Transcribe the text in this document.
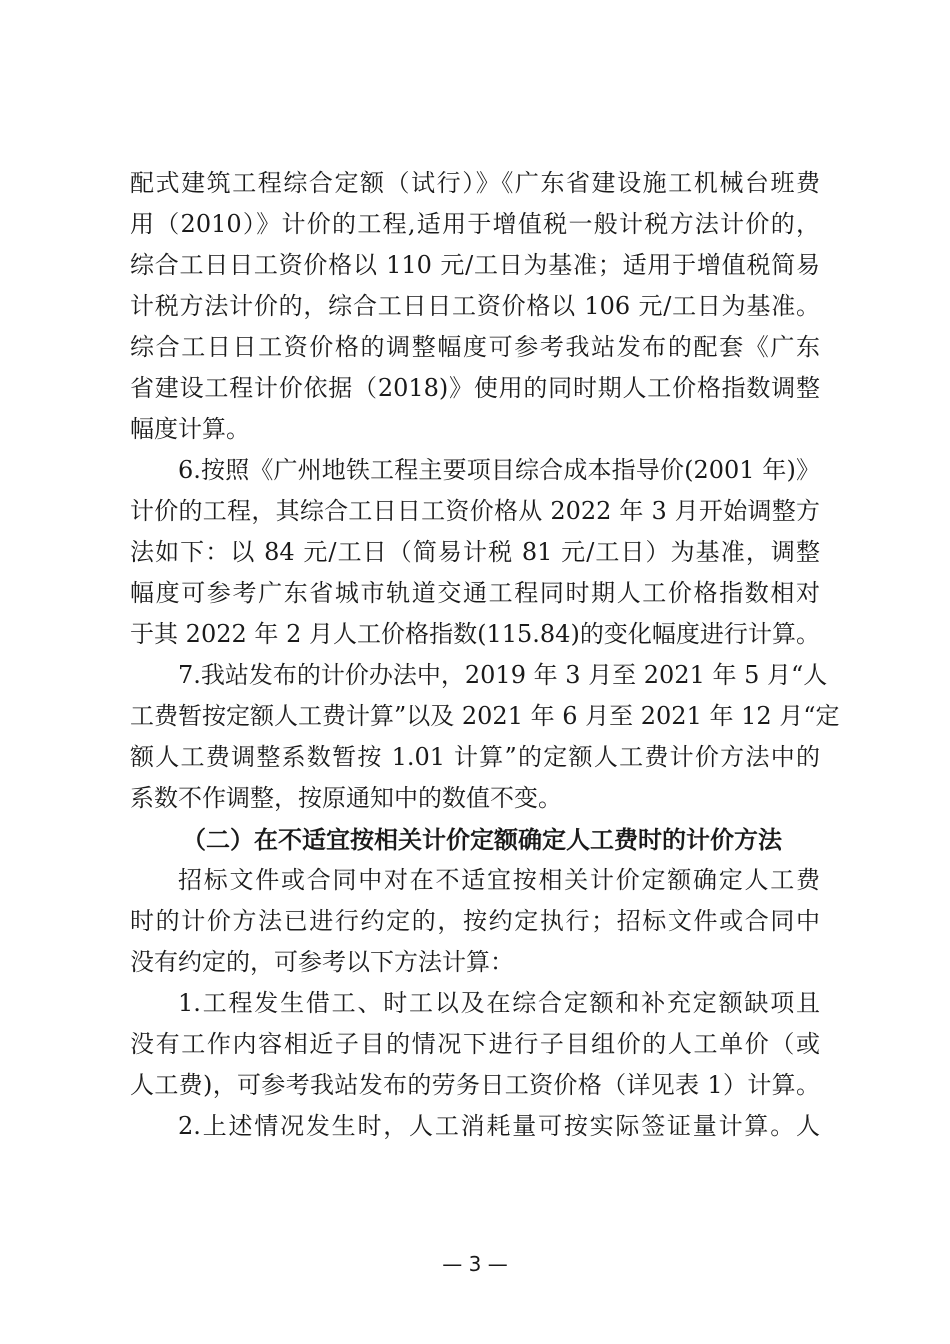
配式建筑工程综合定额（试行）》《广东省建设施工机械台班费
用（2010）》计价的工程,适用于增值税一般计税方法计价的，
综合工日日工资价格以 110 元/工日为基准；适用于增值税简易
计税方法计价的，综合工日日工资价格以 106 元/工日为基准。
综合工日日工资价格的调整幅度可参考我站发布的配套《广东
省建设工程计价依据（2018)》使用的同时期人工价格指数调整
幅度计算。
6.按照《广州地铁工程主要项目综合成本指导价(2001 年)》
计价的工程，其综合工日日工资价格从 2022 年 3 月开始调整方
法如下：以 84 元/工日（简易计税 81 元/工日）为基准，调整
幅度可参考广东省城市轨道交通工程同时期人工价格指数相对
于其 2022 年 2 月人工价格指数(115.84)的变化幅度进行计算。
7.我站发布的计价办法中，2019 年 3 月至 2021 年 5 月“人
工费暂按定额人工费计算”以及 2021 年 6 月至 2021 年 12 月“定
额人工费调整系数暂按 1.01 计算”的定额人工费计价方法中的
系数不作调整，按原通知中的数值不变。
（二）在不适宜按相关计价定额确定人工费时的计价方法
招标文件或合同中对在不适宜按相关计价定额确定人工费
时的计价方法已进行约定的，按约定执行；招标文件或合同中
没有约定的，可参考以下方法计算：
1.工程发生借工、时工以及在综合定额和补充定额缺项且
没有工作内容相近子目的情况下进行子目组价的人工单价（或
人工费)，可参考我站发布的劳务日工资价格（详见表 1）计算。
2.上述情况发生时，人工消耗量可按实际签证量计算。人
— 3 —
